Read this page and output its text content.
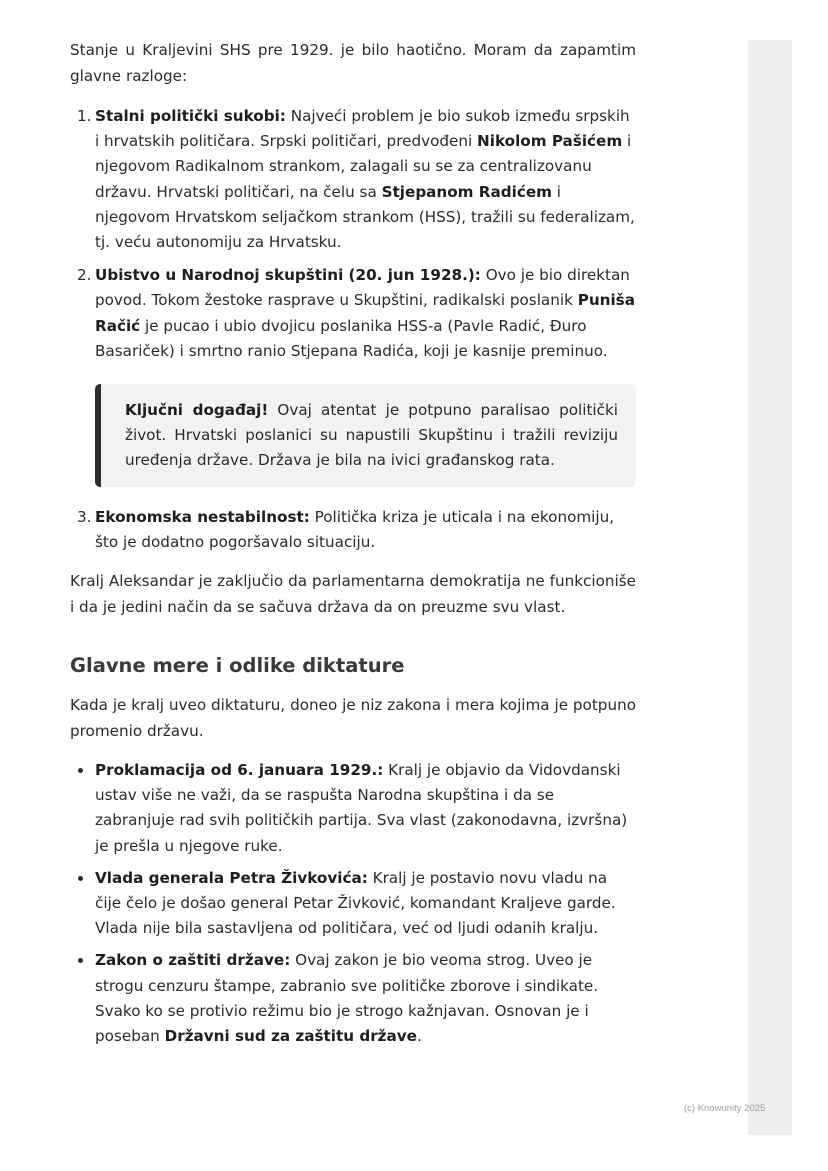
Stanje u Kraljevini SHS pre 1929. je bilo haotično. Moram da zapamtim glavne razloge:

1. Stalni politički sukobi: Najveći problem je bio sukob između srpskih i hrvatskih političara. Srpski političari, predvođeni Nikolom Pašićem i njegovom Radikalnom strankom, zalagali su se za centralizovanu državu. Hrvatski političari, na čelu sa Stjepanom Radićem i njegovom Hrvatskom seljačkom strankom (HSS), tražili su federalizam, tj. veću autonomiju za Hrvatsku.
2. Ubistvo u Narodnoj skupštini (20. jun 1928.): Ovo je bio direktan povod. Tokom žestoke rasprave u Skupštini, radikalski poslanik Puniša Račić je pucao i ubio dvojicu poslanika HSS-a (Pavle Radić, Đuro Basariček) i smrtno ranio Stjepana Radića, koji je kasnije preminuo.

Ključni događaj! Ovaj atentat je potpuno paralisao politički život. Hrvatski poslanici su napustili Skupštinu i tražili reviziju uređenja države. Država je bila na ivici građanskog rata.

3. Ekonomska nestabilnost: Politička kriza je uticala i na ekonomiju, što je dodatno pogoršavalo situaciju.

Kralj Aleksandar je zaključio da parlamentarna demokratija ne funkcioniše i da je jedini način da se sačuva država da on preuzme svu vlast.

Glavne mere i odlike diktature

Kada je kralj uveo diktaturu, doneo je niz zakona i mera kojima je potpuno promenio državu.

Proklamacija od 6. januara 1929.: Kralj je objavio da Vidovdanski ustav više ne važi, da se raspušta Narodna skupština i da se zabranjuje rad svih političkih partija. Sva vlast (zakonodavna, izvršna) je prešla u njegove ruke.
Vlada generala Petra Živkovića: Kralj je postavio novu vladu na čije čelo je došao general Petar Živković, komandant Kraljeve garde. Vlada nije bila sastavljena od političara, već od ljudi odanih kralju.
Zakon o zaštiti države: Ovaj zakon je bio veoma strog. Uveo je strogu cenzuru štampe, zabranio sve političke zborove i sindikate. Svako ko se protivio režimu bio je strogo kažnjavan. Osnovan je i poseban Državni sud za zaštitu države.
(c) Knowunity 2025
